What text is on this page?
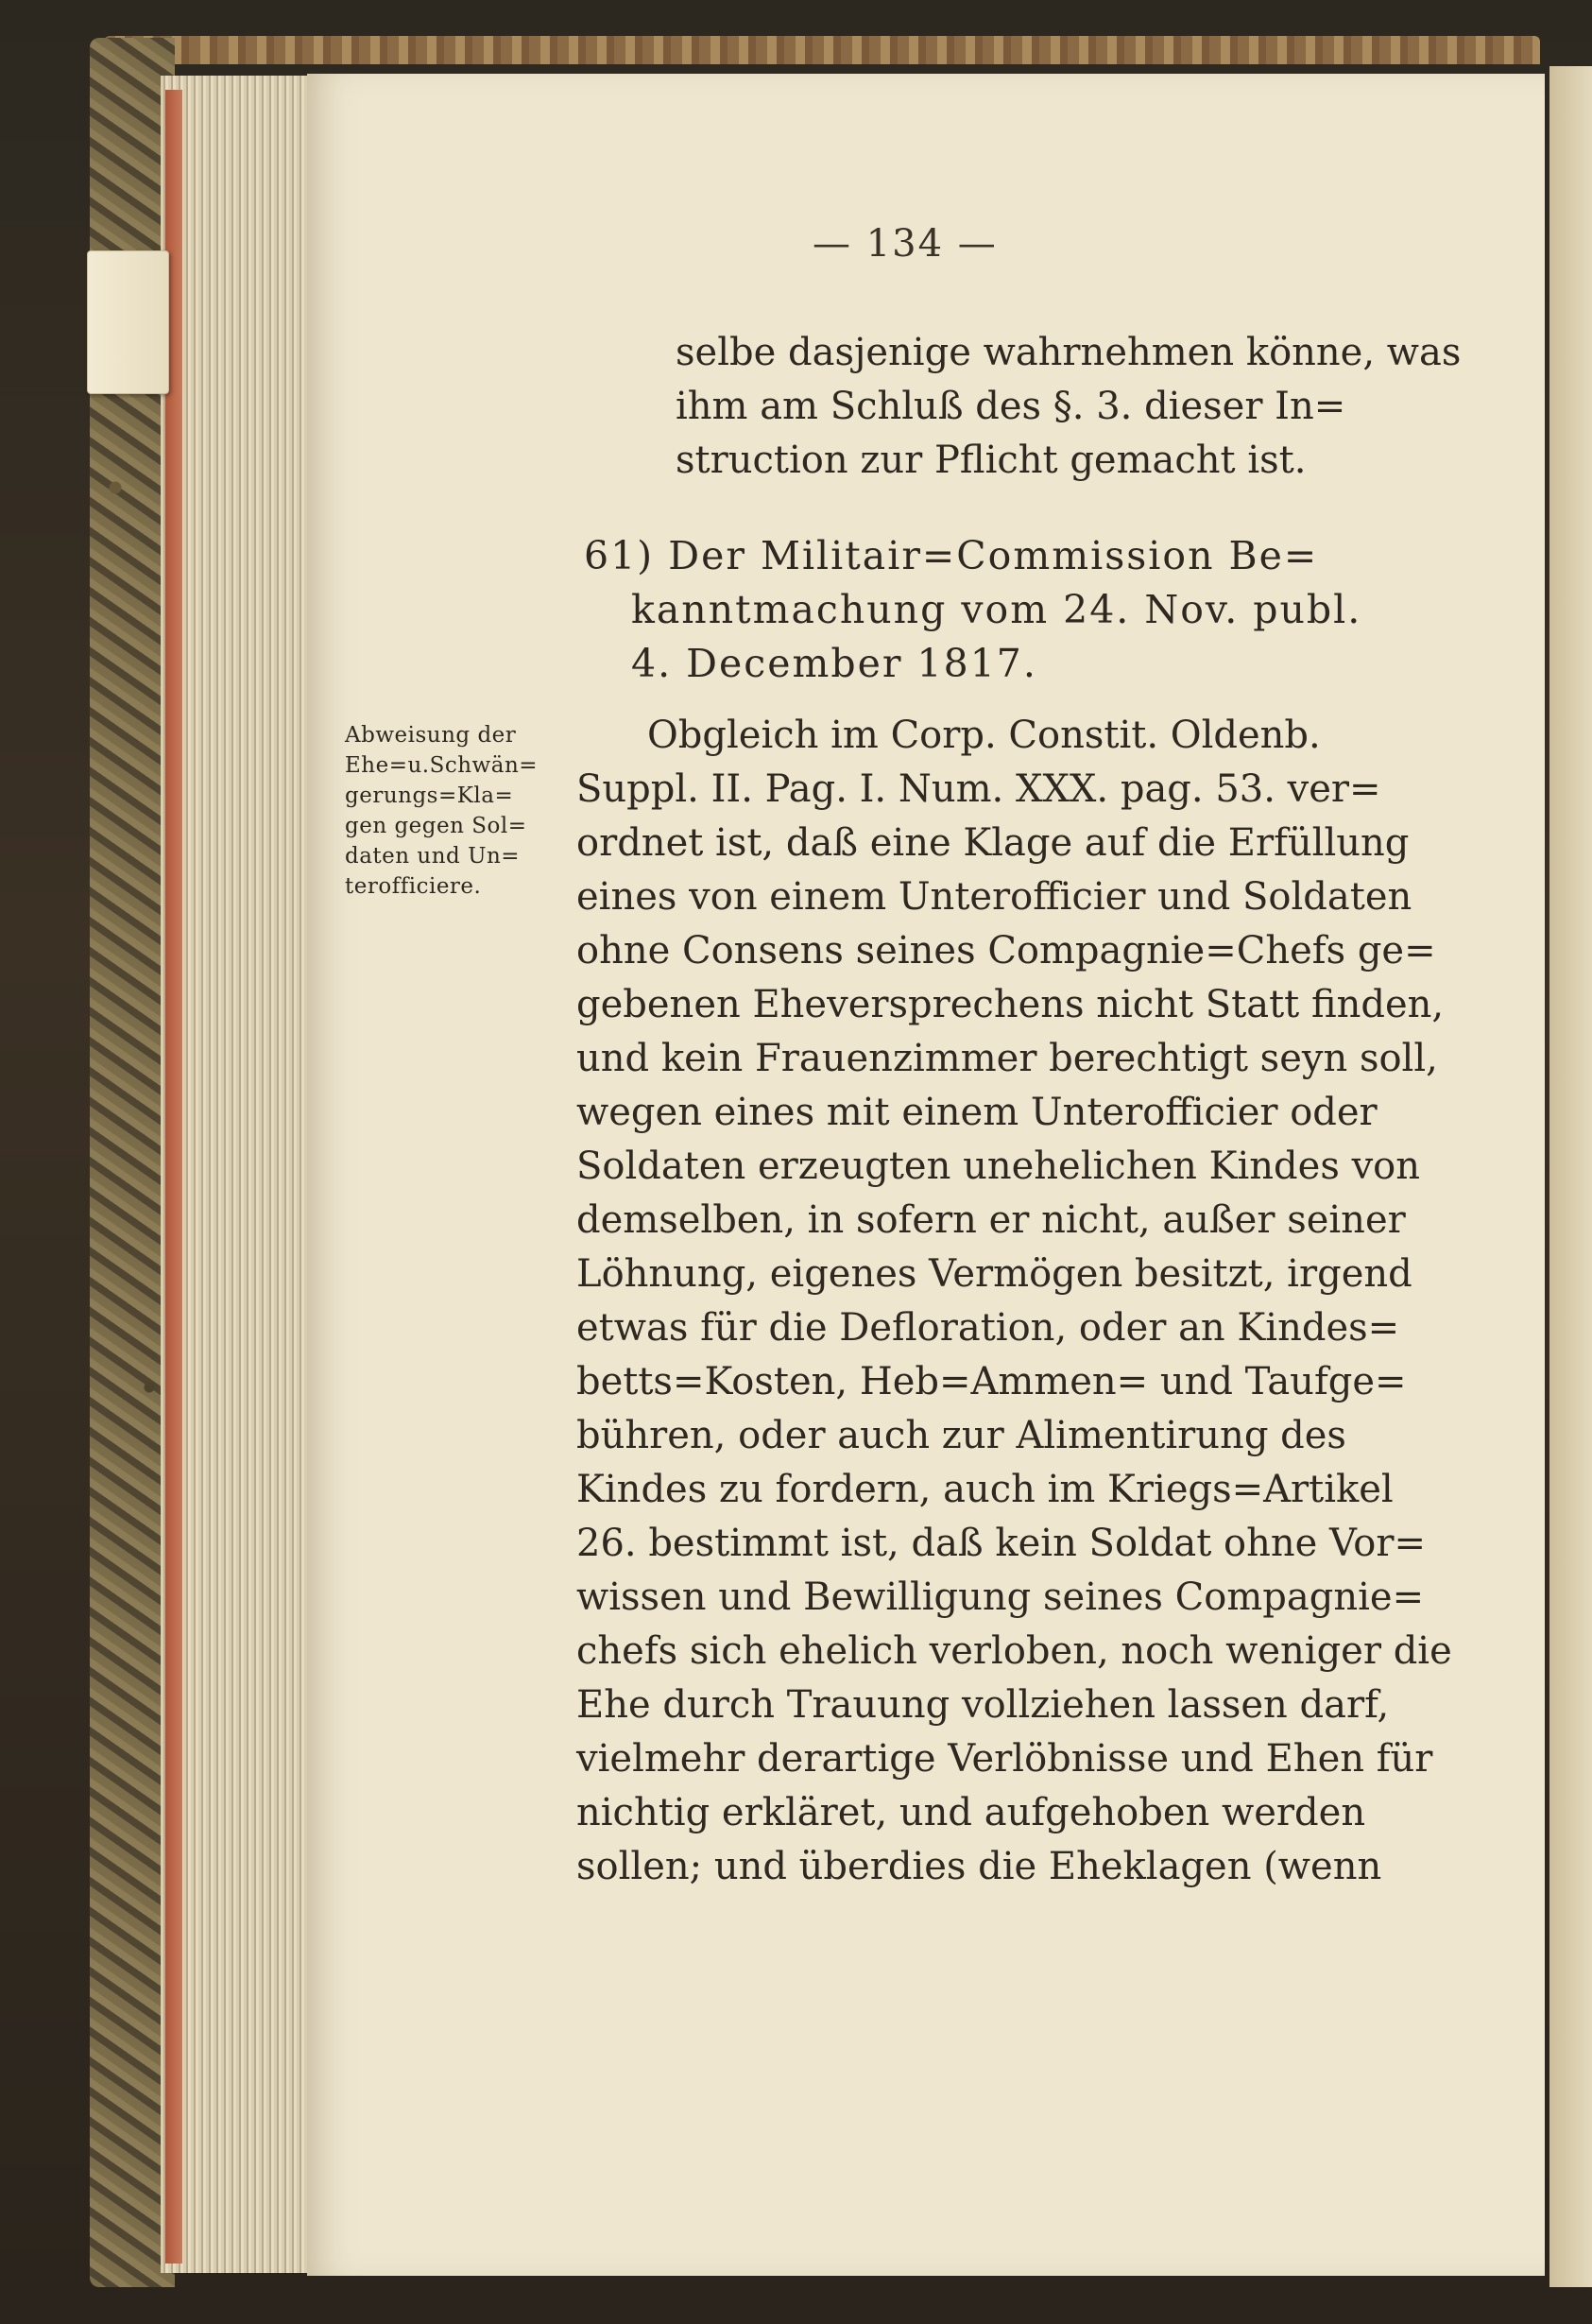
— 134 —
selbe dasjenige wahrnehmen könne, was
ihm am Schluß des §. 3. dieser In=
struction zur Pflicht gemacht ist.
61) Der Militair=Commission Be=
kanntmachung vom 24. Nov. publ.
4. December 1817.
Abweisung der
Ehe=u.Schwän=
gerungs=Kla=
gen gegen Sol=
daten und Un=
terofficiere.
Obgleich im Corp. Constit. Oldenb.
Suppl. II. Pag. I. Num. XXX. pag. 53. ver=
ordnet ist, daß eine Klage auf die Erfüllung
eines von einem Unterofficier und Soldaten
ohne Consens seines Compagnie=Chefs ge=
gebenen Eheversprechens nicht Statt finden,
und kein Frauenzimmer berechtigt seyn soll,
wegen eines mit einem Unterofficier oder
Soldaten erzeugten unehelichen Kindes von
demselben, in sofern er nicht, außer seiner
Löhnung, eigenes Vermögen besitzt, irgend
etwas für die Defloration, oder an Kindes=
betts=Kosten, Heb=Ammen= und Taufge=
bühren, oder auch zur Alimentirung des
Kindes zu fordern, auch im Kriegs=Artikel
26. bestimmt ist, daß kein Soldat ohne Vor=
wissen und Bewilligung seines Compagnie=
chefs sich ehelich verloben, noch weniger die
Ehe durch Trauung vollziehen lassen darf,
vielmehr derartige Verlöbnisse und Ehen für
nichtig erkläret, und aufgehoben werden
sollen; und überdies die Eheklagen (wenn
